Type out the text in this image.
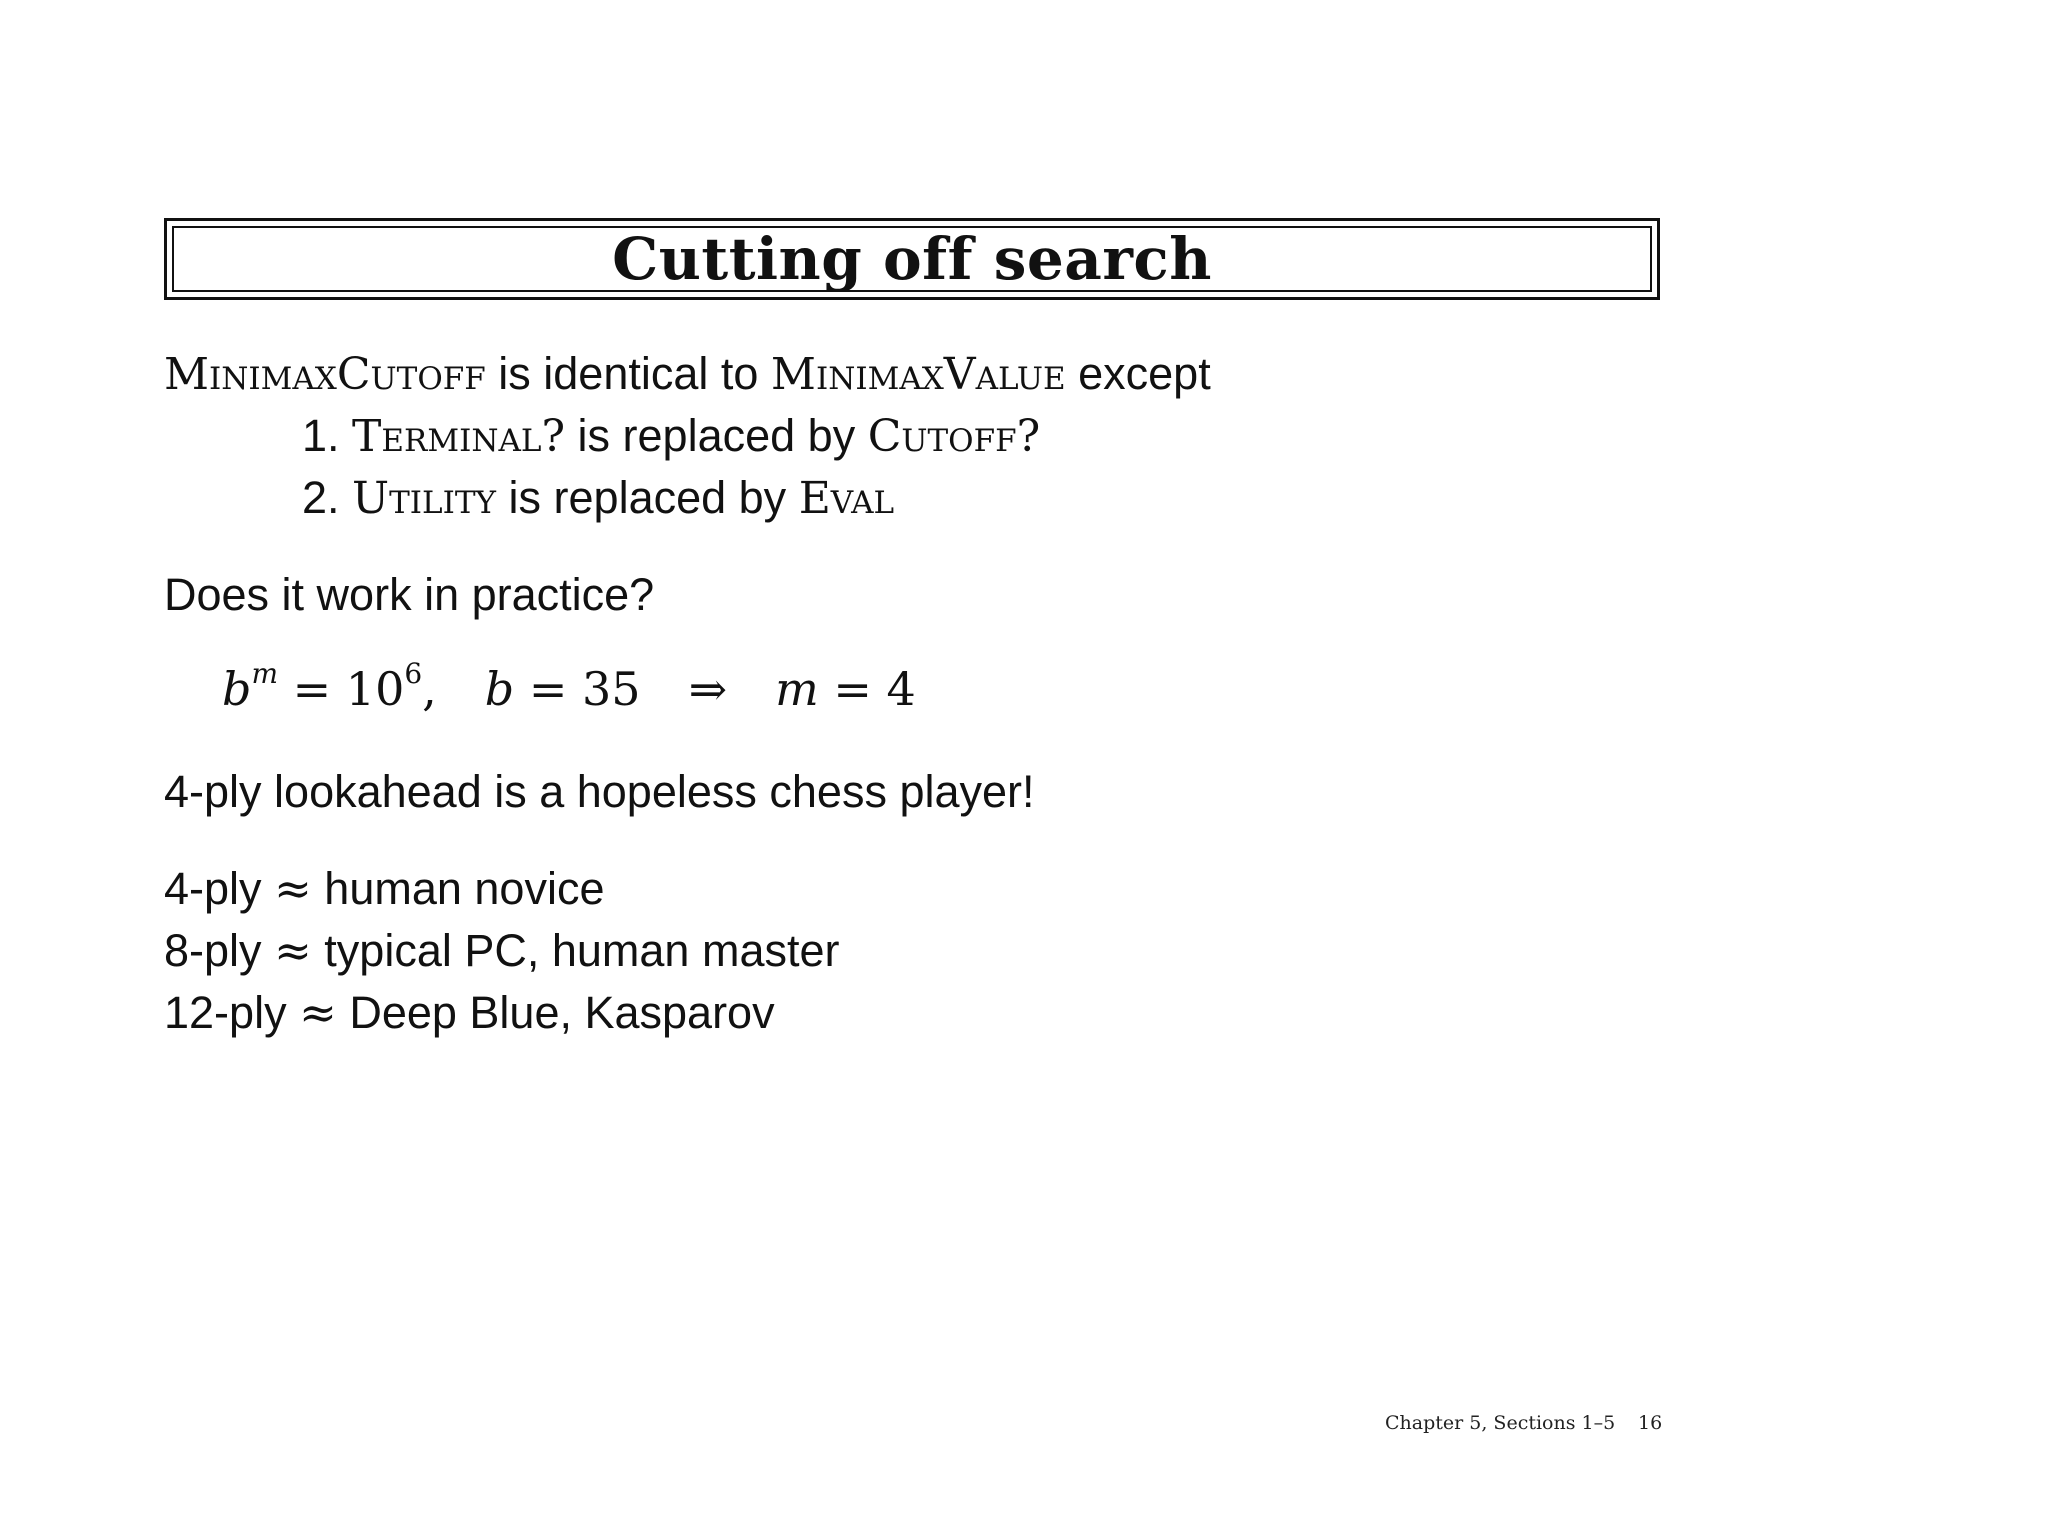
Cutting off search
MinimaxCutoff is identical to MinimaxValue except
1. Terminal? is replaced by Cutoff?
2. Utility is replaced by Eval
Does it work in practice?
$b^m = 10^6$, b = 35 ⇒ m = 4
4-ply lookahead is a hopeless chess player!
4-ply ≈ human novice
8-ply ≈ typical PC, human master
12-ply ≈ Deep Blue, Kasparov
Chapter 5, Sections 1–5 16
